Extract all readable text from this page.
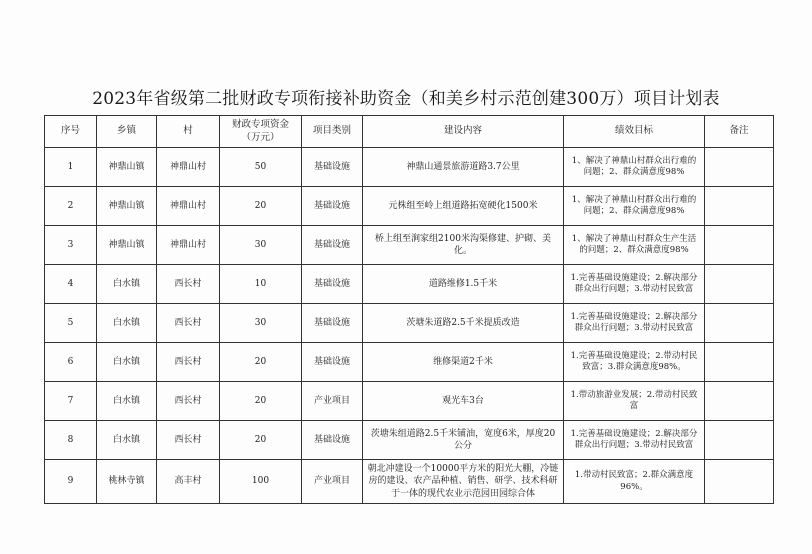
2023年省级第二批财政专项衔接补助资金（和美乡村示范创建300万）项目计划表
序号	乡镇	村	财政专项资金（万元）	项目类别	建设内容	绩效目标	备注
1	神鼎山镇	神鼎山村	50	基础设施	神鼎山通景旅游道路3.7公里	1、解决了神鼎山村群众出行难的问题；2、群众满意度98%	
2	神鼎山镇	神鼎山村	20	基础设施	元株组至岭上组道路拓宽硬化1500米	1、解决了神鼎山村群众出行难的问题；2、群众满意度98%	
3	神鼎山镇	神鼎山村	30	基础设施	桥上组至涧家组2100米沟渠修建、护砌、美化。	1、解决了神鼎山村群众生产生活的问题；2、群众满意度98%	
4	白水镇	西长村	10	基础设施	道路维修1.5千米	1.完善基础设施建设；2.解决部分群众出行问题；3.带动村民致富	
5	白水镇	西长村	30	基础设施	茨塘朱道路2.5千米提质改造	1.完善基础设施建设；2.解决部分群众出行问题；3.带动村民致富	
6	白水镇	西长村	20	基础设施	维修渠道2千米	1.完善基础设施建设；2.带动村民致富；3.群众满意度98%。	
7	白水镇	西长村	20	产业项目	观光车3台	1.带动旅游业发展；2.带动村民致富	
8	白水镇	西长村	20	基础设施	茨塘朱组道路2.5千米铺油，宽度6米，厚度20公分	1.完善基础设施建设；2.解决部分群众出行问题；3.带动村民致富	
9	桃林寺镇	高丰村	100	产业项目	朝北冲建设一个10000平方米的阳光大棚，冷链房的建设、农产品种植、销售、研学、技术科研于一体的现代农业示范园田园综合体	1.带动村民致富；2.群众满意度96%。	
